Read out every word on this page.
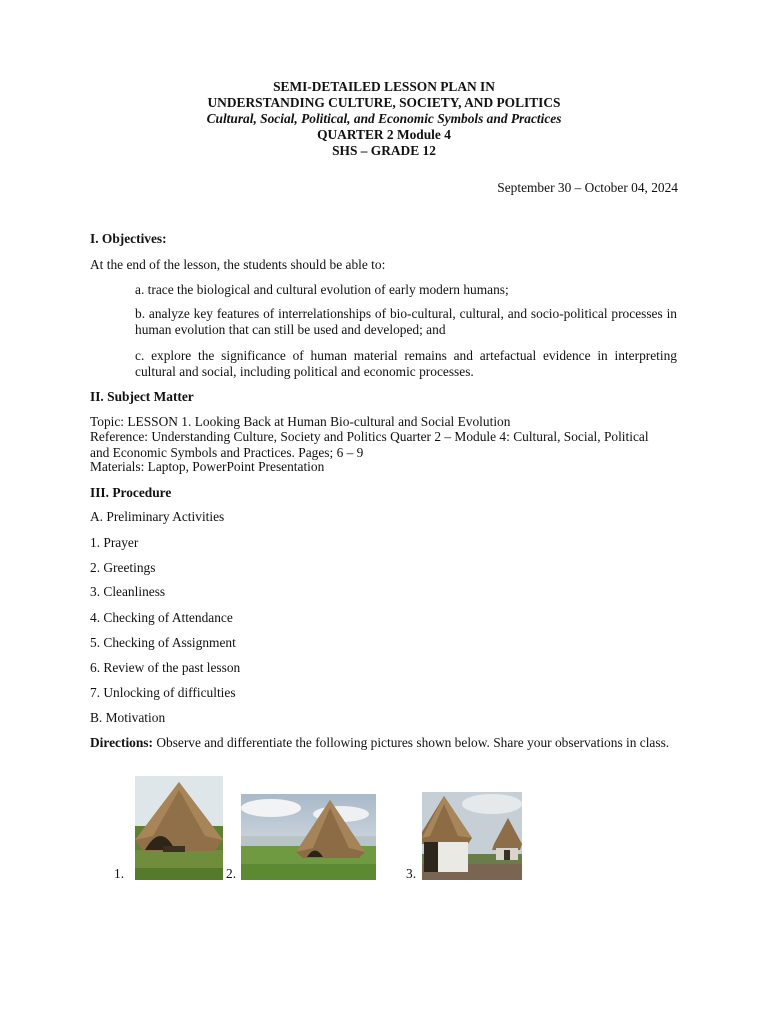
SEMI-DETAILED LESSON PLAN IN
UNDERSTANDING CULTURE, SOCIETY, AND POLITICS
Cultural, Social, Political, and Economic Symbols and Practices
QUARTER 2 Module 4
SHS – GRADE 12
September 30 – October 04, 2024
I. Objectives:
At the end of the lesson, the students should be able to:
a. trace the biological and cultural evolution of early modern humans;
b. analyze key features of interrelationships of bio-cultural, cultural, and socio-political processes in human evolution that can still be used and developed; and
c. explore the significance of human material remains and artefactual evidence in interpreting cultural and social, including political and economic processes.
II. Subject Matter
Topic: LESSON 1. Looking Back at Human Bio-cultural and Social Evolution
Reference: Understanding Culture, Society and Politics Quarter 2 – Module 4: Cultural, Social, Political and Economic Symbols and Practices. Pages; 6 – 9
Materials: Laptop, PowerPoint Presentation
III. Procedure
A. Preliminary Activities
1. Prayer
2. Greetings
3. Cleanliness
4. Checking of Attendance
5. Checking of Assignment
6. Review of the past lesson
7. Unlocking of difficulties
B. Motivation
Directions: Observe and differentiate the following pictures shown below. Share your observations in class.
1.	2.	3.
